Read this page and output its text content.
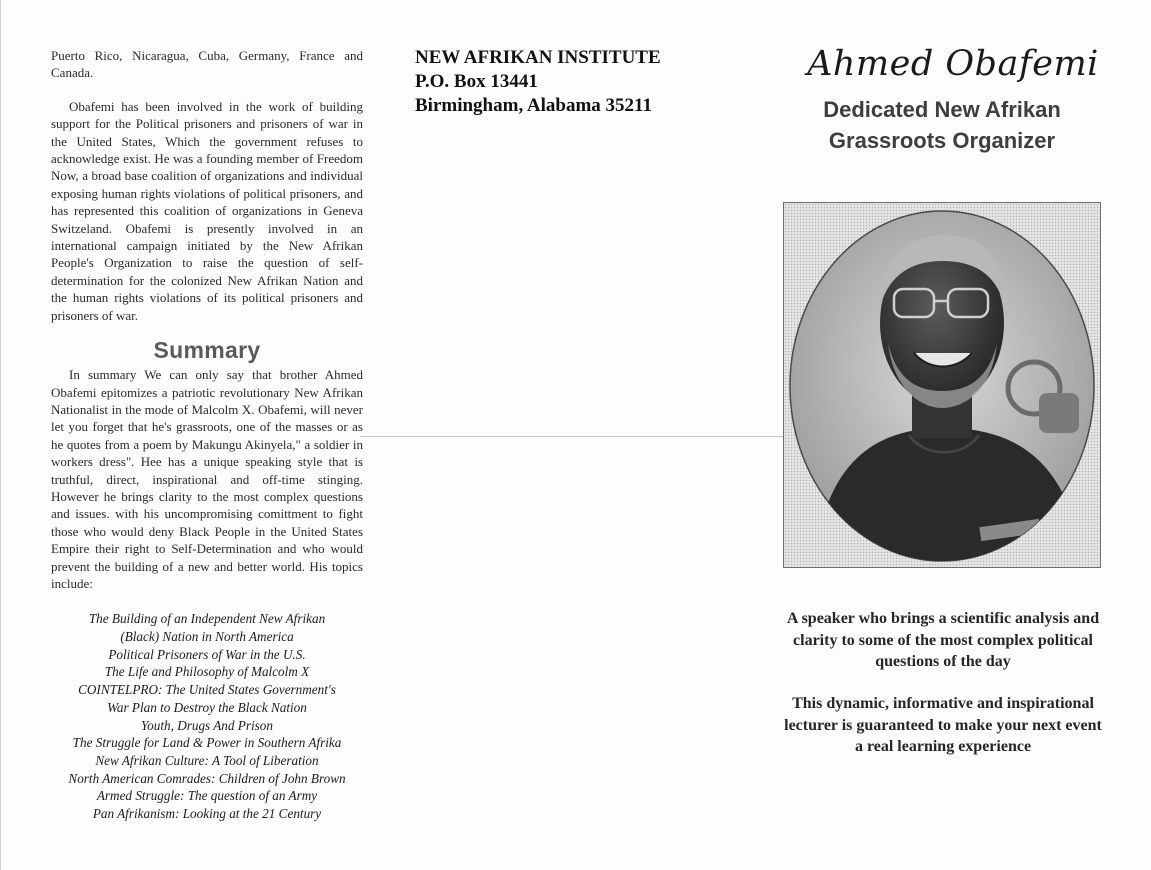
Puerto Rico, Nicaragua, Cuba, Germany, France and Canada.

Obafemi has been involved in the work of building support for the Political prisoners and prisoners of war in the United States, Which the government refuses to acknowledge exist. He was a founding member of Freedom Now, a broad base coalition of organizations and individual exposing human rights violations of political prisoners, and has represented this coalition of organizations in Geneva Switzeland. Obafemi is presently involved in an international campaign initiated by the New Afrikan People's Organization to raise the question of self-determination for the colonized New Afrikan Nation and the human rights violations of its political prisoners and prisoners of war.

Summary

In summary We can only say that brother Ahmed Obafemi epitomizes a patriotic revolutionary New Afrikan Nationalist in the mode of Malcolm X. Obafemi, will never let you forget that he's grassroots, one of the masses or as he quotes from a poem by Makungu Akinyela," a soldier in workers dress". Hee has a unique speaking style that is truthful, direct, inspirational and off-time stinging. However he brings clarity to the most complex questions and issues. with his uncompromising comittment to fight those who would deny Black People in the United States Empire their right to Self-Determination and who would prevent the building of a new and better world. His topics include:

The Building of an Independent New Afrikan
(Black) Nation in North America
Political Prisoners of War in the U.S.
The Life and Philosophy of Malcolm X
COINTELPRO: The United States Government's
War Plan to Destroy the Black Nation
Youth, Drugs And Prison
The Struggle for Land & Power in Southern Afrika
New Afrikan Culture: A Tool of Liberation
North American Comrades: Children of John Brown
Armed Struggle: The question of an Army
Pan Afrikanism: Looking at the 21 Century
NEW AFRIKAN INSTITUTE
P.O. Box 13441
Birmingham, Alabama 35211
Ahmed Obafemi
Dedicated New Afrikan
Grassroots Organizer
A speaker who brings a scientific analysis and clarity to some of the most complex political questions of the day
This dynamic, informative and inspirational lecturer is guaranteed to make your next event a real learning experience
